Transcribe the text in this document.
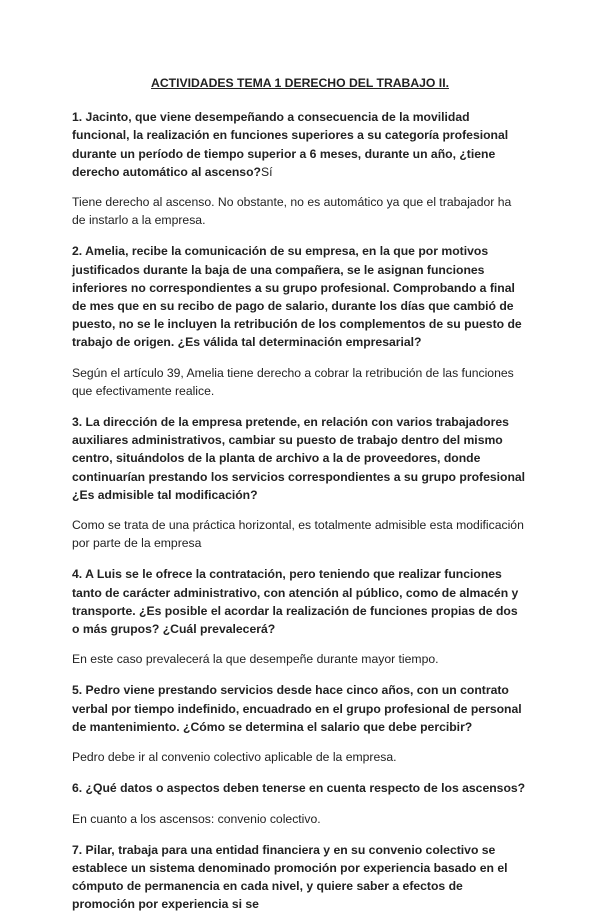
ACTIVIDADES TEMA 1 DERECHO DEL TRABAJO II.

1. Jacinto, que viene desempeñando a consecuencia de la movilidad funcional, la realización en funciones superiores a su categoría profesional durante un período de tiempo superior a 6 meses, durante un año, ¿tiene derecho automático al ascenso?Sí

Tiene derecho al ascenso. No obstante, no es automático ya que el trabajador ha de instarlo a la empresa.

2. Amelia, recibe la comunicación de su empresa, en la que por motivos justificados durante la baja de una compañera, se le asignan funciones inferiores no correspondientes a su grupo profesional. Comprobando a final de mes que en su recibo de pago de salario, durante los días que cambió de puesto, no se le incluyen la retribución de los complementos de su puesto de trabajo de origen. ¿Es válida tal determinación empresarial?

Según el artículo 39, Amelia tiene derecho a cobrar la retribución de las funciones que efectivamente realice.

3. La dirección de la empresa pretende, en relación con varios trabajadores auxiliares administrativos, cambiar su puesto de trabajo dentro del mismo centro, situándolos de la planta de archivo a la de proveedores, donde continuarían prestando los servicios correspondientes a su grupo profesional ¿Es admisible tal modificación?

Como se trata de una práctica horizontal, es totalmente admisible esta modificación por parte de la empresa

4. A Luis se le ofrece la contratación, pero teniendo que realizar funciones tanto de carácter administrativo, con atención al público, como de almacén y transporte. ¿Es posible el acordar la realización de funciones propias de dos o más grupos? ¿Cuál prevalecerá?

En este caso prevalecerá la que desempeñe durante mayor tiempo.

5. Pedro viene prestando servicios desde hace cinco años, con un contrato verbal por tiempo indefinido, encuadrado en el grupo profesional de personal de mantenimiento. ¿Cómo se determina el salario que debe percibir?

Pedro debe ir al convenio colectivo aplicable de la empresa.

6. ¿Qué datos o aspectos deben tenerse en cuenta respecto de los ascensos?

En cuanto a los ascensos: convenio colectivo.

7. Pilar, trabaja para una entidad financiera y en su convenio colectivo se establece un sistema denominado promoción por experiencia basado en el cómputo de permanencia en cada nivel, y quiere saber a efectos de promoción por experiencia si se
